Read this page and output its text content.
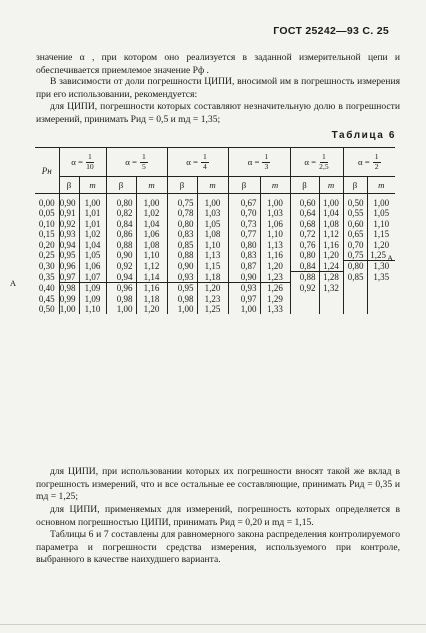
ГОСТ 25242—93 С. 25
значение α , при котором оно реализуется в заданной измерительной цепи и обеспечивается приемлемое значение Pф .
В зависимости от доли погрешности ЦИПИ, вносимой им в погрешность измерения при его использовании, рекомендуется:
для ЦИПИ, погрешности которых составляют незначительную долю в погрешности измерений, принимать Pид = 0,5 и mд = 1,35;
Таблица 6
Pн	$\alpha = \frac{1}{10}$		$\alpha = \frac{1}{5}$		$\alpha = \frac{1}{4}$		$\alpha = \frac{1}{3}$		$\alpha = \frac{1}{2,5}$		$\alpha = \frac{1}{2}$

	β	m	β	m	β	m	β	m	β	m	β	m
0,00	0,90	1,00	0,80	1,00	0,75	1,00	0,67	1,00	0,60	1,00	0,50	1,00
0,05	0,91	1,01	0,82	1,02	0,78	1,03	0,70	1,03	0,64	1,04	0,55	1,05
0,10	0,92	1,01	0,84	1,04	0,80	1,05	0,73	1,06	0,68	1,08	0,60	1,10
0,15	0,93	1,02	0,86	1,06	0,83	1,08	0,77	1,10	0,72	1,12	0,65	1,15
0,20	0,94	1,04	0,88	1,08	0,85	1,10	0,80	1,13	0,76	1,16	0,70	1,20
0,25	0,95	1,05	0,90	1,10	0,88	1,13	0,83	1,16	0,80	1,20	0,75	1,25A
0,30	0,96	1,06	0,92	1,12	0,90	1,15	0,87	1,20	0,84	1,24	0,80	1,30
0,35	0,97	1,07	0,94	1,14	0,93	1,18	0,90	1,23	0,88	1,28	0,85	1,35

A 0,40	0,98	1,09	0,96	1,16	0,95	1,20	0,93	1,26	0,92	1,32		
0,45	0,99	1,09	0,98	1,18	0,98	1,23	0,97	1,29				
0,50	1,00	1,10	1,00	1,20	1,00	1,25	1,00	1,33				
для ЦИПИ, при использовании которых их погрешности вносят такой же вклад в погрешность измерений, что и все остальные ее составляющие, принимать Pид = 0,35 и mд = 1,25;
для ЦИПИ, применяемых для измерений, погрешность которых определяется в основном погрешностью ЦИПИ, принимать Pид = 0,20 и mд = 1,15.
Таблицы 6 и 7 составлены для равномерного закона распределения контролируемого параметра и погрешности средства измерения, используемого при контроле, выбранного в качестве наихудшего варианта.
